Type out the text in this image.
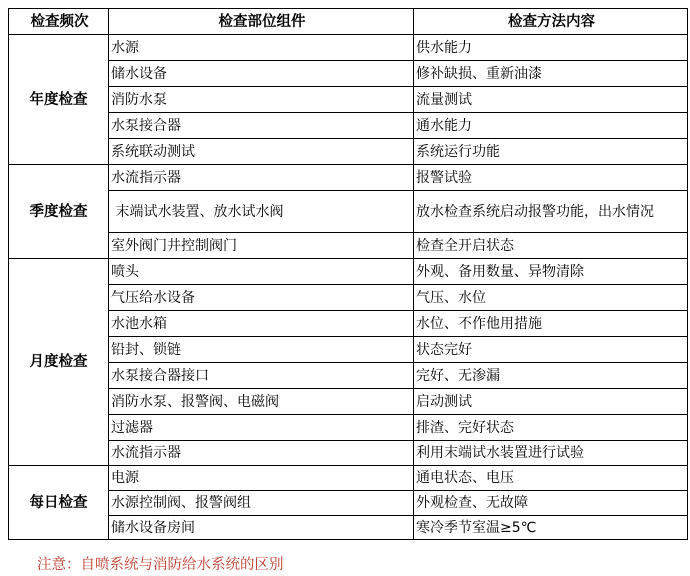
检查频次	检查部位组件	检查方法内容
年度检查	水源	供水能力
	储水设备	修补缺损、重新油漆
	消防水泵	流量测试
	水泵接合器	通水能力
	系统联动测试	系统运行功能
季度检查	水流指示器	报警试验
	末端试水装置、放水试水阀	放水检查系统启动报警功能，出水情况
	室外阀门井控制阀门	检查全开启状态
月度检查	喷头	外观、备用数量、异物清除
	气压给水设备	气压、水位
	水池水箱	水位、不作他用措施
	铅封、锁链	状态完好
	水泵接合器接口	完好、无渗漏
	消防水泵、报警阀、电磁阀	启动测试
	过滤器	排渣、完好状态
	水流指示器	利用末端试水装置进行试验
每日检查	电源	通电状态、电压
	水源控制阀、报警阀组	外观检查、无故障
	储水设备房间	寒冷季节室温≥5℃
注意：自喷系统与消防给水系统的区别
